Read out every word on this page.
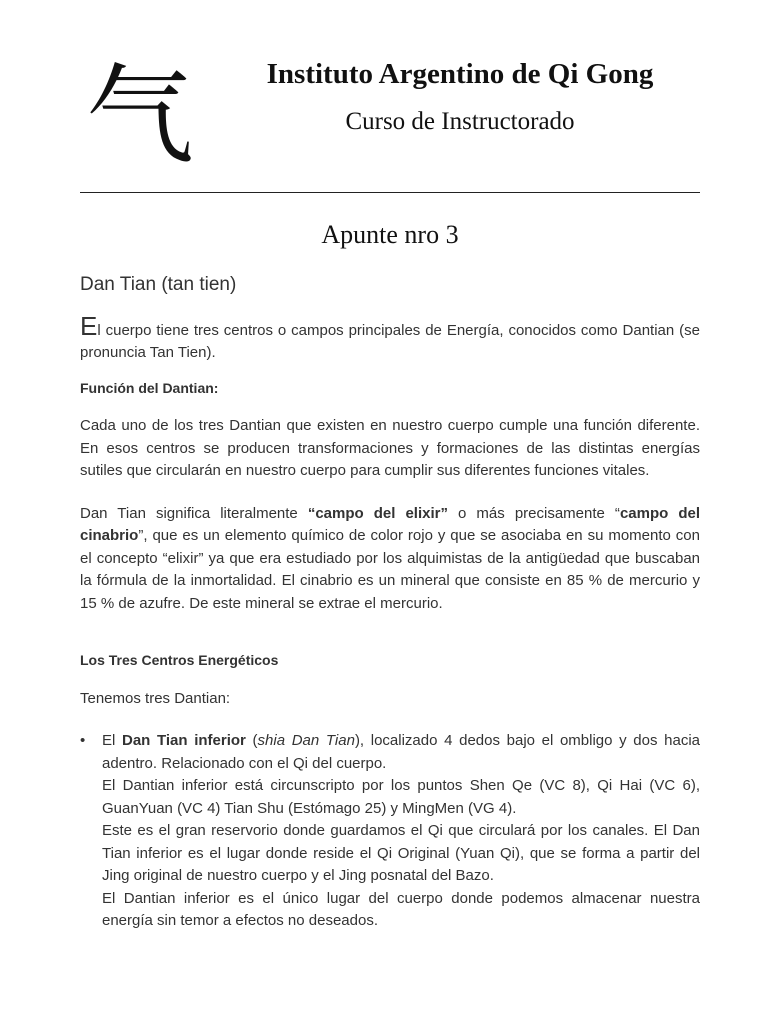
气	Instituto Argentino de Qi Gong
Curso de Instructorado
Apunte nro 3
Dan Tian (tan tien)

El cuerpo tiene tres centros o campos principales de Energía, conocidos como Dantian (se pronuncia Tan Tien).

Función del Dantian:

Cada uno de los tres Dantian que existen en nuestro cuerpo cumple una función diferente. En esos centros se producen transformaciones y formaciones de las distintas energías sutiles que circularán en nuestro cuerpo para cumplir sus diferentes funciones vitales.

Dan Tian significa literalmente “campo del elixir” o más precisamente “campo del cinabrio”, que es un elemento químico de color rojo y que se asociaba en su momento con el concepto “elixir” ya que era estudiado por los alquimistas de la antigüedad que buscaban la fórmula de la inmortalidad. El cinabrio es un mineral que consiste en 85 % de mercurio y 15 % de azufre. De este mineral se extrae el mercurio.

Los Tres Centros Energéticos

Tenemos tres Dantian:

• El Dan Tian inferior (shia Dan Tian), localizado 4 dedos bajo el ombligo y dos hacia adentro. Relacionado con el Qi del cuerpo.
El Dantian inferior está circunscripto por los puntos Shen Qe (VC 8), Qi Hai (VC 6), GuanYuan (VC 4) Tian Shu (Estómago 25) y MingMen (VG 4).
Este es el gran reservorio donde guardamos el Qi que circulará por los canales. El Dan Tian inferior es el lugar donde reside el Qi Original (Yuan Qi), que se forma a partir del Jing original de nuestro cuerpo y el Jing posnatal del Bazo.
El Dantian inferior es el único lugar del cuerpo donde podemos almacenar nuestra energía sin temor a efectos no deseados.
